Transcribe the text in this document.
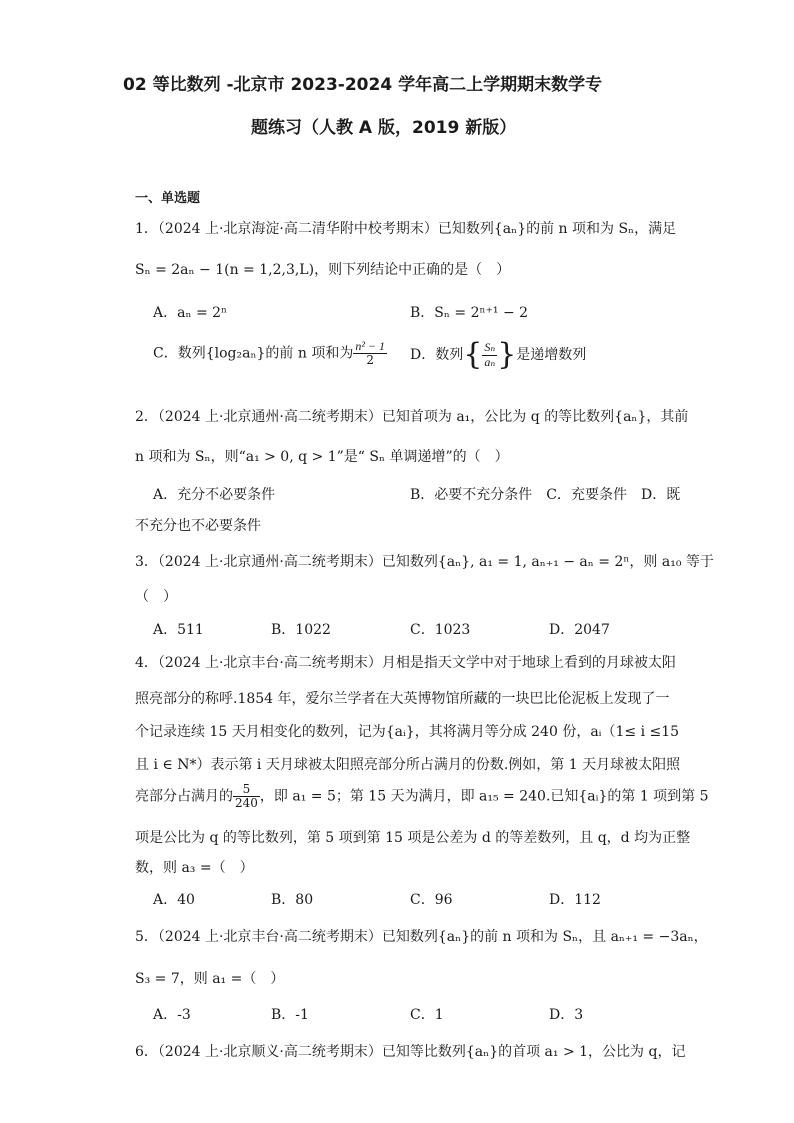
02 等比数列 -北京市 2023-2024 学年高二上学期期末数学专
题练习（人教 A 版，2019 新版）
一、单选题
1．（2024 上·北京海淀·高二清华附中校考期末）已知数列{aₙ}的前 n 项和为 Sₙ，满足
Sₙ = 2aₙ − 1(n = 1,2,3,L)，则下列结论中正确的是（　）
A．aₙ = 2ⁿ	B．Sₙ = 2ⁿ⁺¹ − 2
C．数列{log₂aₙ}的前 n 项和为 $\frac{\text{n² − 1}}{2}$ D．数列{ $\frac{\text{Sₙ}}{\text{aₙ}}$ }是递增数列
2．（2024 上·北京通州·高二统考期末）已知首项为 a₁，公比为 q 的等比数列{aₙ}，其前
n 项和为 Sₙ，则“a₁ > 0, q > 1”是“ Sₙ 单调递增”的（　）
A．充分不必要条件	B．必要不充分条件　C．充要条件　D．既
不充分也不必要条件
3．（2024 上·北京通州·高二统考期末）已知数列{aₙ}, a₁ = 1, aₙ₊₁ − aₙ = 2ⁿ，则 a₁₀ 等于
（　）
A．511	B．1022	C．1023	D．2047
4．（2024 上·北京丰台·高二统考期末）月相是指天文学中对于地球上看到的月球被太阳
照亮部分的称呼.1854 年，爱尔兰学者在大英博物馆所藏的一块巴比伦泥板上发现了一
个记录连续 15 天月相变化的数列，记为{aᵢ}，其将满月等分成 240 份，aᵢ（1≤ i ≤15
且 i ∈ N*）表示第 i 天月球被太阳照亮部分所占满月的份数.例如，第 1 天月球被太阳照
亮部分占满月的 $\frac{5}{240}$ ，即 a₁ = 5；第 15 天为满月，即 a₁₅ = 240.已知{aᵢ}的第 1 项到第 5
项是公比为 q 的等比数列，第 5 项到第 15 项是公差为 d 的等差数列，且 q，d 均为正整
数，则 a₃ =（　）
A．40	B．80	C．96	D．112
5．（2024 上·北京丰台·高二统考期末）已知数列{aₙ}的前 n 项和为 Sₙ，且 aₙ₊₁ = −3aₙ，
S₃ = 7，则 a₁ =（　）
A．-3	B．-1	C．1	D．3
6．（2024 上·北京顺义·高二统考期末）已知等比数列{aₙ}的首项 a₁ > 1，公比为 q，记
